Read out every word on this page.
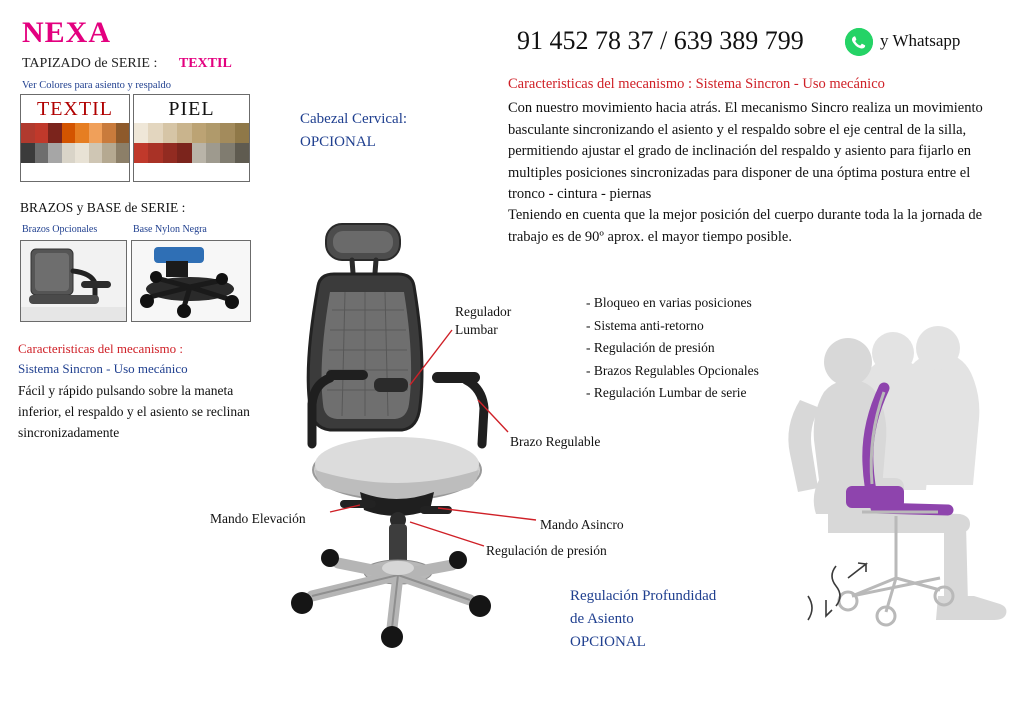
NEXA
TAPIZADO de SERIE : TEXTIL
Ver Colores para asiento y respaldo
TEXTIL	PIEL
BRAZOS y BASE de SERIE :
Brazos Opcionales	Base Nylon Negra
Caracteristicas del mecanismo :
Sistema Sincron - Uso mecánico
Fácil y rápido pulsando sobre la maneta inferior, el respaldo y el asiento se reclinan sincronizadamente
91 452 78 37 / 639 389 799	y Whatsapp
Caracteristicas del mecanismo : Sistema Sincron - Uso mecánico
Con nuestro movimiento hacia atrás. El mecanismo Sincro realiza un movimiento basculante sincronizando el asiento y el respaldo sobre el eje central de la silla, permitiendo ajustar el grado de inclinación del respaldo y asiento para fijarlo en multiples posiciones sincronizadas para disponer de una óptima postura entre el tronco - cintura - piernas
Teniendo en cuenta que la mejor posición del cuerpo durante toda la la jornada de trabajo es de 90º aprox. el mayor tiempo posible.
- Bloqueo en varias posiciones
- Sistema anti-retorno
- Regulación de presión
- Brazos Regulables Opcionales
- Regulación Lumbar de serie
Cabezal Cervical:
OPCIONAL
Regulador
Lumbar
Brazo Regulable
Mando Elevación	Mando Asincro
Regulación de presión
Regulación Profundidad
de Asiento
OPCIONAL
